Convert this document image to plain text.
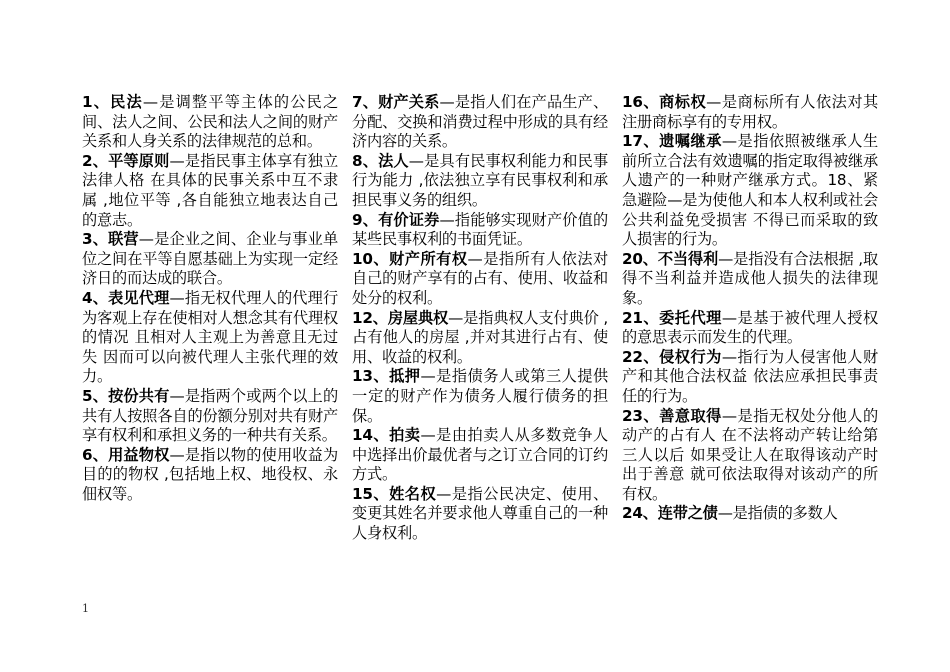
1、民法—是调整平等主体的公民之间、法人之间、公民和法人之间的财产关系和人身关系的法律规范的总和。

2、平等原则—是指民事主体享有独立法律人格 在具体的民事关系中互不隶属 ,地位平等 ,各自能独立地表达自己的意志。

3、联营—是企业之间、企业与事业单位之间在平等自愿基础上为实现一定经济日的而达成的联合。

4、表见代理—指无权代理人的代理行为客观上存在使相对人想念其有代理权的情况 且相对人主观上为善意且无过失 因而可以向被代理人主张代理的效力。

5、按份共有—是指两个或两个以上的共有人按照各自的份额分别对共有财产享有权利和承担义务的一种共有关系。

6、用益物权—是指以物的使用收益为目的的物权 ,包括地上权、地役权、永佃权等。

7、财产关系—是指人们在产品生产、分配、交换和消费过程中形成的具有经济内容的关系。

8、法人—是具有民事权利能力和民事行为能力 ,依法独立享有民事权利和承担民事义务的组织。

9、有价证券—指能够实现财产价值的某些民事权利的书面凭证。

10、财产所有权—是指所有人依法对自己的财产享有的占有、使用、收益和处分的权利。

12、房屋典权—是指典权人支付典价 ,占有他人的房屋 ,并对其进行占有、使用、收益的权利。

13、抵押—是指债务人或第三人提供一定的财产作为债务人履行债务的担保。

14、拍卖—是由拍卖人从多数竞争人中选择出价最优者与之订立合同的订约方式。

15、姓名权—是指公民决定、使用、变更其姓名并要求他人尊重自己的一种人身权利。

16、商标权—是商标所有人依法对其注册商标享有的专用权。

17、遗嘱继承—是指依照被继承人生前所立合法有效遗嘱的指定取得被继承人遗产的一种财产继承方式。18、紧急避险—是为使他人和本人权利或社会公共利益免受损害 不得已而采取的致人损害的行为。

20、不当得利—是指没有合法根据 ,取得不当利益并造成他人损失的法律现象。

21、委托代理—是基于被代理人授权的意思表示而发生的代理。

22、侵权行为—指行为人侵害他人财产和其他合法权益 依法应承担民事责任的行为。

23、善意取得—是指无权处分他人的动产的占有人 在不法将动产转让给第三人以后 如果受让人在取得该动产时出于善意 就可依法取得对该动产的所有权。

24、连带之债—是指债的多数人

1
